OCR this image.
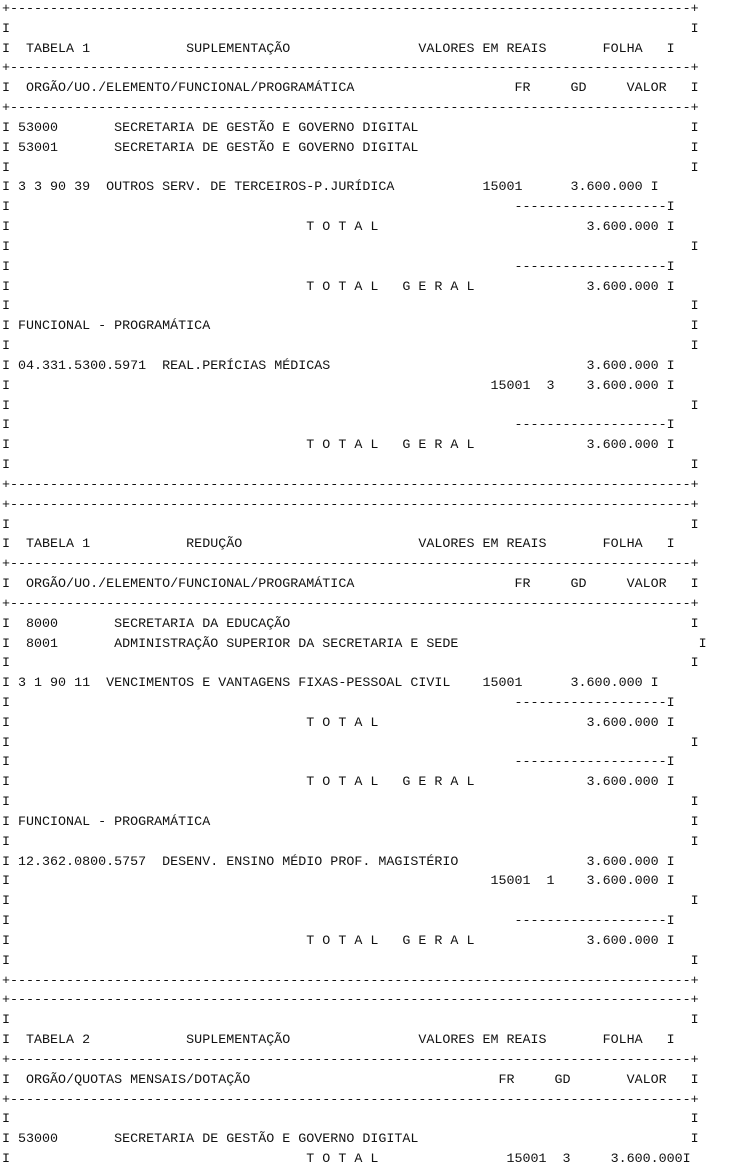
+-------------------------------------------------------------------------------------+
I                                                                                     I
I  TABELA 1            SUPLEMENTAÇÃO                VALORES EM REAIS       FOLHA   I
+-------------------------------------------------------------------------------------+
I  ORGÃO/UO./ELEMENTO/FUNCIONAL/PROGRAMÁTICA                    FR     GD     VALOR   I
+-------------------------------------------------------------------------------------+
I 53000       SECRETARIA DE GESTÃO E GOVERNO DIGITAL                                  I
I 53001       SECRETARIA DE GESTÃO E GOVERNO DIGITAL                                  I
I                                                                                     I
I 3 3 90 39  OUTROS SERV. DE TERCEIROS-P.JURÍDICA           15001      3.600.000 I
I                                                               -------------------I
I                                     T O T A L                          3.600.000 I
I                                                                                     I
I                                                               -------------------I
I                                     T O T A L   G E R A L              3.600.000 I
I                                                                                     I
I FUNCIONAL - PROGRAMÁTICA                                                            I
I                                                                                     I
I 04.331.5300.5971  REAL.PERÍCIAS MÉDICAS                                3.600.000 I
I                                                            15001  3    3.600.000 I
I                                                                                     I
I                                                               -------------------I
I                                     T O T A L   G E R A L              3.600.000 I
I                                                                                     I
+-------------------------------------------------------------------------------------+
+-------------------------------------------------------------------------------------+
I                                                                                     I
I  TABELA 1            REDUÇÃO                      VALORES EM REAIS       FOLHA   I
+-------------------------------------------------------------------------------------+
I  ORGÃO/UO./ELEMENTO/FUNCIONAL/PROGRAMÁTICA                    FR     GD     VALOR   I
+-------------------------------------------------------------------------------------+
I  8000       SECRETARIA DA EDUCAÇÃO                                                  I
I  8001       ADMINISTRAÇÃO SUPERIOR DA SECRETARIA E SEDE                              I
I                                                                                     I
I 3 1 90 11  VENCIMENTOS E VANTAGENS FIXAS-PESSOAL CIVIL    15001      3.600.000 I
I                                                               -------------------I
I                                     T O T A L                          3.600.000 I
I                                                                                     I
I                                                               -------------------I
I                                     T O T A L   G E R A L              3.600.000 I
I                                                                                     I
I FUNCIONAL - PROGRAMÁTICA                                                            I
I                                                                                     I
I 12.362.0800.5757  DESENV. ENSINO MÉDIO PROF. MAGISTÉRIO                3.600.000 I
I                                                            15001  1    3.600.000 I
I                                                                                     I
I                                                               -------------------I
I                                     T O T A L   G E R A L              3.600.000 I
I                                                                                     I
+-------------------------------------------------------------------------------------+
+-------------------------------------------------------------------------------------+
I                                                                                     I
I  TABELA 2            SUPLEMENTAÇÃO                VALORES EM REAIS       FOLHA   I
+-------------------------------------------------------------------------------------+
I  ORGÃO/QUOTAS MENSAIS/DOTAÇÃO                               FR     GD       VALOR   I
+-------------------------------------------------------------------------------------+
I                                                                                     I
I 53000       SECRETARIA DE GESTÃO E GOVERNO DIGITAL                                  I
I                                     T O T A L                15001  3     3.600.000I
